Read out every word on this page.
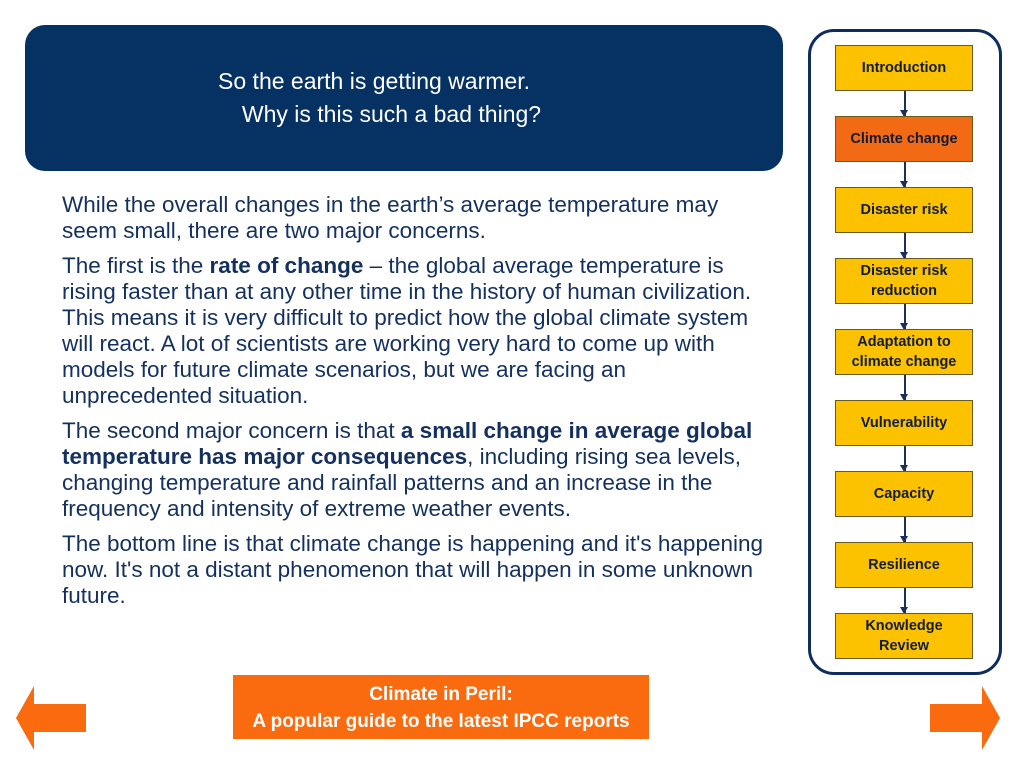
So the earth is getting warmer.
Why is this such a bad thing?

While the overall changes in the earth’s average temperature may seem small, there are two major concerns.

The first is the rate of change – the global average temperature is rising faster than at any other time in the history of human civilization. This means it is very difficult to predict how the global climate system will react. A lot of scientists are working very hard to come up with models for future climate scenarios, but we are facing an unprecedented situation.

The second major concern is that a small change in average global temperature has major consequences, including rising sea levels, changing temperature and rainfall patterns and an increase in the frequency and intensity of extreme weather events.

The bottom line is that climate change is happening and it's happening now. It's not a distant phenomenon that will happen in some unknown future.

Introduction
Climate change
Disaster risk
Disaster risk reduction
Adaptation to climate change
Vulnerability
Capacity
Resilience
Knowledge Review
Climate in Peril:
A popular guide to the latest IPCC reports
